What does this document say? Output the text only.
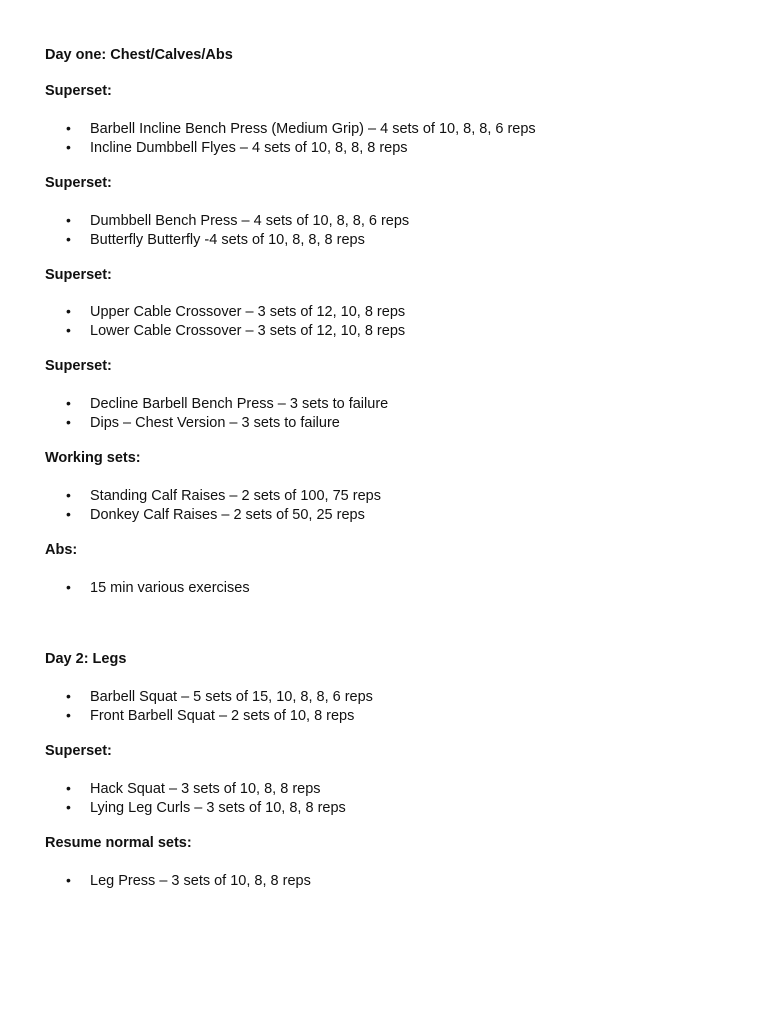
Day one: Chest/Calves/Abs
Superset:
• Barbell Incline Bench Press (Medium Grip) – 4 sets of 10, 8, 8, 6 reps
• Incline Dumbbell Flyes – 4 sets of 10, 8, 8, 8 reps
Superset:
• Dumbbell Bench Press – 4 sets of 10, 8, 8, 6 reps
• Butterfly Butterfly -4 sets of 10, 8, 8, 8 reps
Superset:
• Upper Cable Crossover – 3 sets of 12, 10, 8 reps
• Lower Cable Crossover – 3 sets of 12, 10, 8 reps
Superset:
• Decline Barbell Bench Press – 3 sets to failure
• Dips – Chest Version – 3 sets to failure
Working sets:
• Standing Calf Raises – 2 sets of 100, 75 reps
• Donkey Calf Raises – 2 sets of 50, 25 reps
Abs:
• 15 min various exercises
Day 2: Legs
• Barbell Squat – 5 sets of 15, 10, 8, 8, 6 reps
• Front Barbell Squat – 2 sets of 10, 8 reps
Superset:
• Hack Squat – 3 sets of 10, 8, 8 reps
• Lying Leg Curls – 3 sets of 10, 8, 8 reps
Resume normal sets:
• Leg Press – 3 sets of 10, 8, 8 reps
